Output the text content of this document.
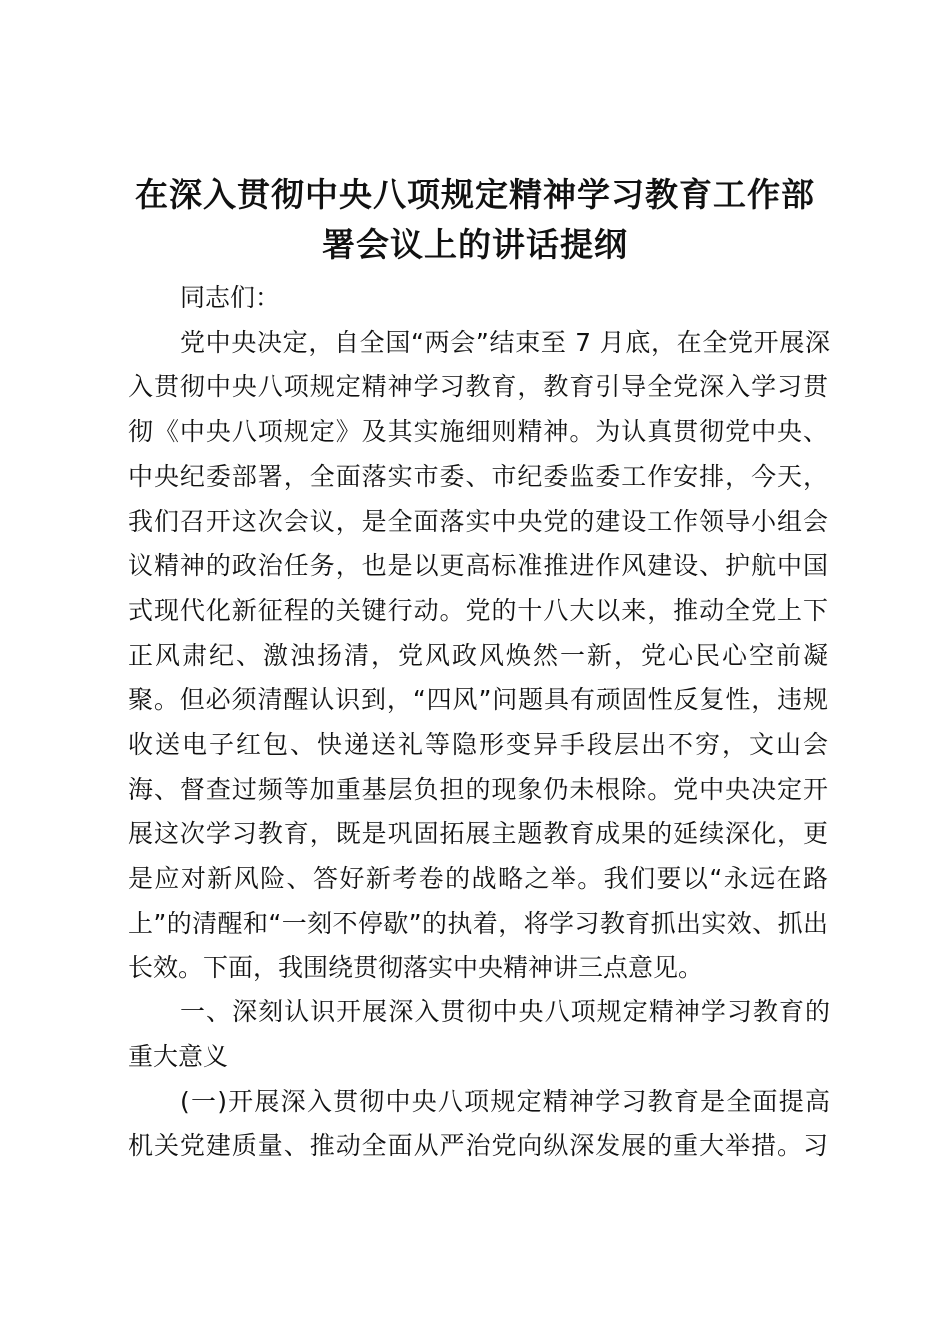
在深入贯彻中央八项规定精神学习教育工作部
署会议上的讲话提纲
同志们：
党中央决定，自全国“两会”结束至 7 月底，在全党开展深
入贯彻中央八项规定精神学习教育，教育引导全党深入学习贯
彻《中央八项规定》及其实施细则精神。为认真贯彻党中央、
中央纪委部署，全面落实市委、市纪委监委工作安排，今天，
我们召开这次会议，是全面落实中央党的建设工作领导小组会
议精神的政治任务，也是以更高标准推进作风建设、护航中国
式现代化新征程的关键行动。党的十八大以来，推动全党上下
正风肃纪、激浊扬清，党风政风焕然一新，党心民心空前凝
聚。但必须清醒认识到，“四风”问题具有顽固性反复性，违规
收送电子红包、快递送礼等隐形变异手段层出不穷，文山会
海、督查过频等加重基层负担的现象仍未根除。党中央决定开
展这次学习教育，既是巩固拓展主题教育成果的延续深化，更
是应对新风险、答好新考卷的战略之举。我们要以“永远在路
上”的清醒和“一刻不停歇”的执着，将学习教育抓出实效、抓出
长效。下面，我围绕贯彻落实中央精神讲三点意见。
一、深刻认识开展深入贯彻中央八项规定精神学习教育的
重大意义
(一)开展深入贯彻中央八项规定精神学习教育是全面提高
机关党建质量、推动全面从严治党向纵深发展的重大举措。习
